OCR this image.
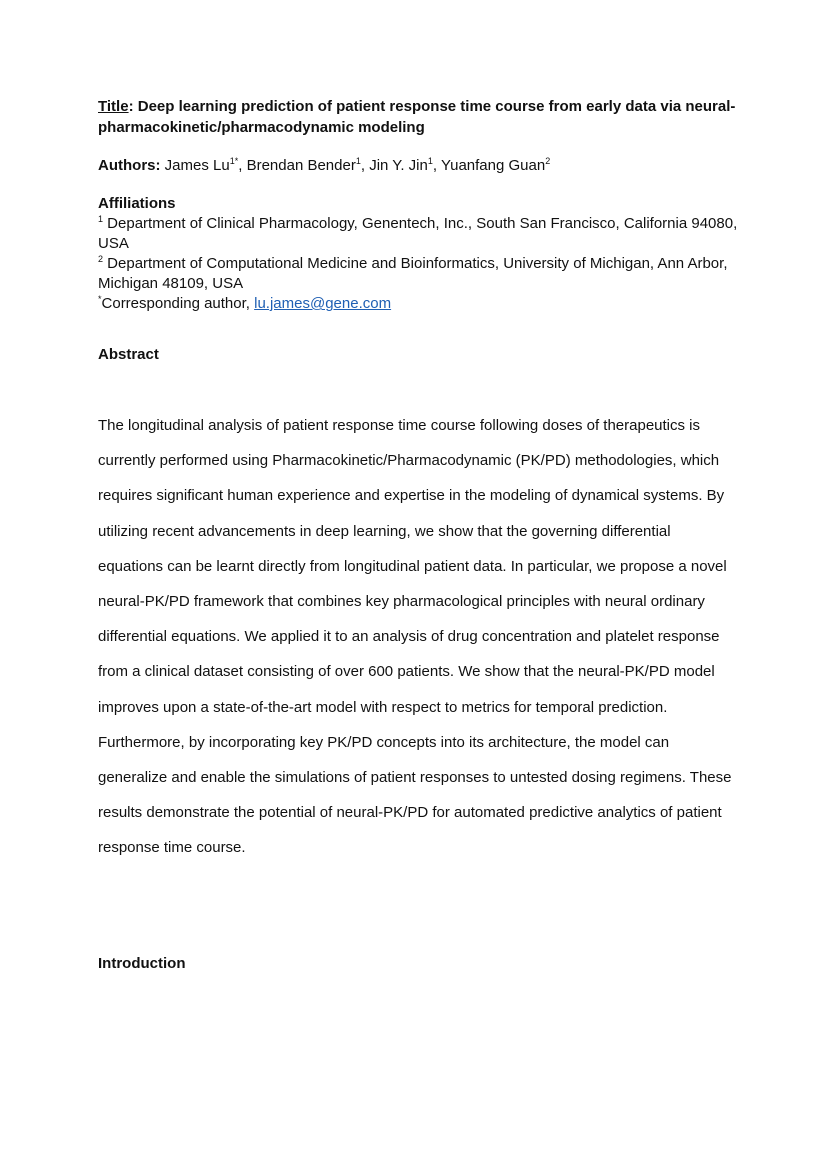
Title: Deep learning prediction of patient response time course from early data via neural-pharmacokinetic/pharmacodynamic modeling

Authors: James $Lu^{1*}$, Brendan Bender$^1$, Jin Y. Jin$^1$, Yuanfang Guan$^2$
Affiliations
$^1$ Department of Clinical Pharmacology, Genentech, Inc., South San Francisco, California 94080, USA
$^2$ Department of Computational Medicine and Bioinformatics, University of Michigan, Ann Arbor, Michigan 48109, USA
*Corresponding author, lu.james@gene.com
Abstract
The longitudinal analysis of patient response time course following doses of therapeutics is currently performed using Pharmacokinetic/Pharmacodynamic (PK/PD) methodologies, which requires significant human experience and expertise in the modeling of dynamical systems. By utilizing recent advancements in deep learning, we show that the governing differential equations can be learnt directly from longitudinal patient data. In particular, we propose a novel neural-PK/PD framework that combines key pharmacological principles with neural ordinary differential equations. We applied it to an analysis of drug concentration and platelet response from a clinical dataset consisting of over 600 patients. We show that the neural-PK/PD model improves upon a state-of-the-art model with respect to metrics for temporal prediction. Furthermore, by incorporating key PK/PD concepts into its architecture, the model can generalize and enable the simulations of patient responses to untested dosing regimens. These results demonstrate the potential of neural-PK/PD for automated predictive analytics of patient response time course.
Introduction
